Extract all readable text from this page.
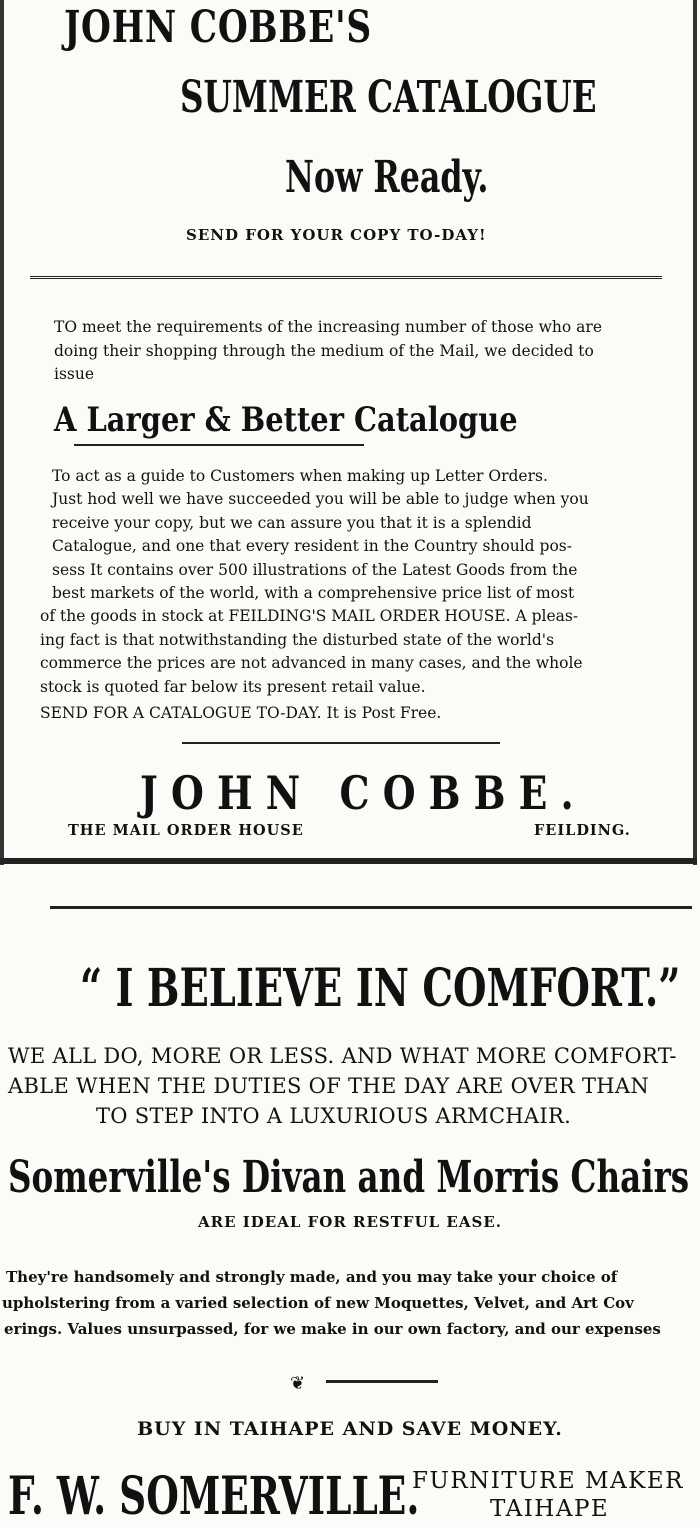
JOHN COBBE'S
SUMMER CATALOGUE
Now Ready.
SEND FOR YOUR COPY TO-DAY!
TO meet the requirements of the increasing number of those who are
doing their shopping through the medium of the Mail, we decided to
issue
A Larger & Better Catalogue
To act as a guide to Customers when making up Letter Orders.
Just hod well we have succeeded you will be able to judge when you
receive your copy, but we can assure you that it is a splendid
Catalogue, and one that every resident in the Country should pos-
sess It contains over 500 illustrations of the Latest Goods from the
best markets of the world, with a comprehensive price list of most
of the goods in stock at FEILDING'S MAIL ORDER HOUSE. A pleas-
ing fact is that notwithstanding the disturbed state of the world's
commerce the prices are not advanced in many cases, and the whole
stock is quoted far below its present retail value.
SEND FOR A CATALOGUE TO-DAY. It is Post Free.
JOHN COBBE.
THE MAIL ORDER HOUSE	FEILDING.
“ I BELIEVE IN COMFORT.”
WE ALL DO, MORE OR LESS. AND WHAT MORE COMFORT-
ABLE WHEN THE DUTIES OF THE DAY ARE OVER THAN
TO STEP INTO A LUXURIOUS ARMCHAIR.
Somerville's Divan and Morris Chairs
ARE IDEAL FOR RESTFUL EASE.
They're handsomely and strongly made, and you may take your choice of
upholstering from a varied selection of new Moquettes, Velvet, and Art Cov
erings. Values unsurpassed, for we make in our own factory, and our expenses
❦
BUY IN TAIHAPE AND SAVE MONEY.
F. W. SOMERVILLE.
FURNITURE MAKER
TAIHAPE
